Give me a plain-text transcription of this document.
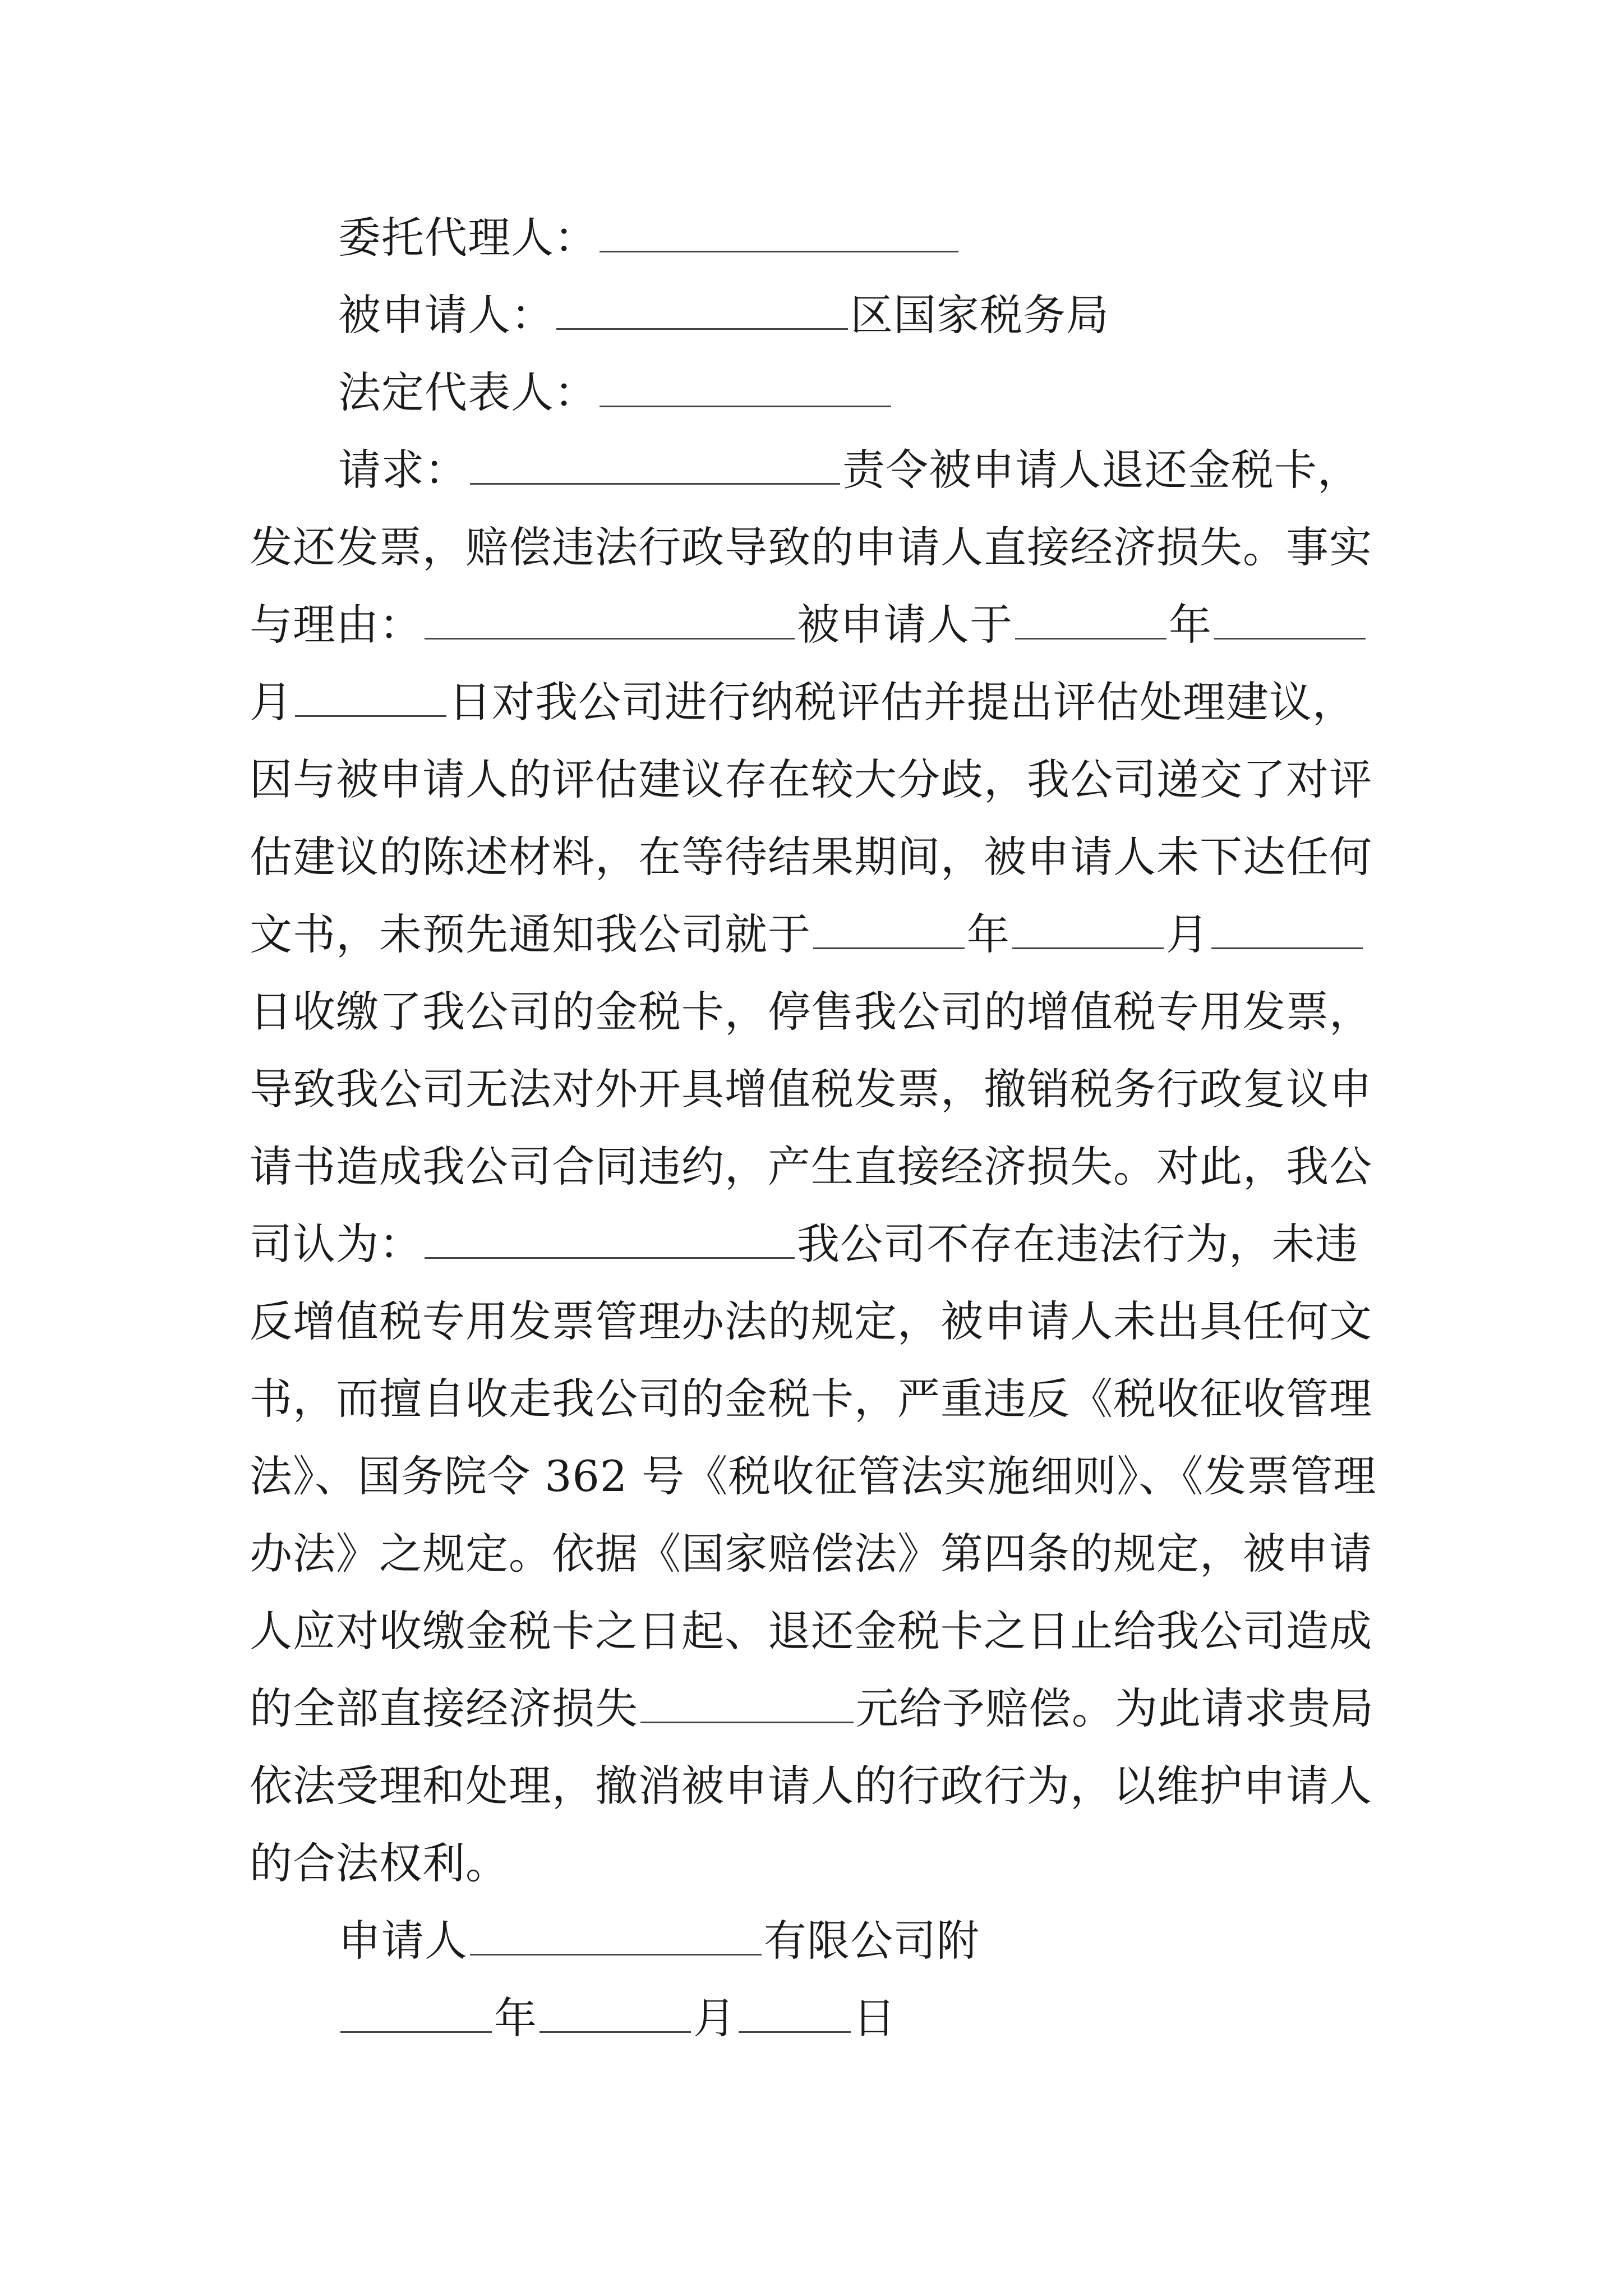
委托代理人：
被申请人：	区国家税务局
法定代表人：
请求：	责令被申请人退还金税卡，
发还发票，赔偿违法行政导致的申请人直接经济损失。事实
与理由：	被申请人于	年
月	日对我公司进行纳税评估并提出评估处理建议，
因与被申请人的评估建议存在较大分歧，我公司递交了对评
估建议的陈述材料，在等待结果期间，被申请人未下达任何
文书，未预先通知我公司就于	年	月
日收缴了我公司的金税卡，停售我公司的增值税专用发票，
导致我公司无法对外开具增值税发票，撤销税务行政复议申
请书造成我公司合同违约，产生直接经济损失。对此，我公
司认为：	我公司不存在违法行为，未违
反增值税专用发票管理办法的规定，被申请人未出具任何文
书，而擅自收走我公司的金税卡，严重违反《税收征收管理
法》、国务院令 362 号《税收征管法实施细则》、《发票管理
办法》之规定。依据《国家赔偿法》第四条的规定，被申请
人应对收缴金税卡之日起、退还金税卡之日止给我公司造成
的全部直接经济损失	元给予赔偿。为此请求贵局
依法受理和处理，撤消被申请人的行政行为，以维护申请人
的合法权利。
申请人	有限公司附
年	月	日
